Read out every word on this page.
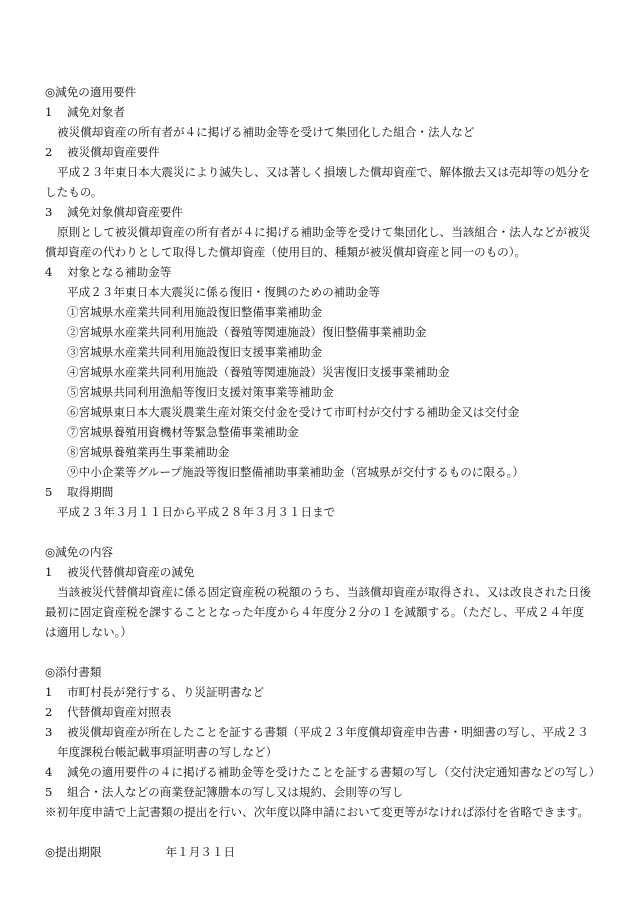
◎減免の適用要件
1 減免対象者
被災償却資産の所有者が４に掲げる補助金等を受けて集団化した組合・法人など
2 被災償却資産要件
平成２３年東日本大震災により滅失し、又は著しく損壊した償却資産で、解体撤去又は売却等の処分を
したもの。
3 減免対象償却資産要件
原則として被災償却資産の所有者が４に掲げる補助金等を受けて集団化し、当該組合・法人などが被災
償却資産の代わりとして取得した償却資産（使用目的、種類が被災償却資産と同一のもの）。
4 対象となる補助金等
平成２３年東日本大震災に係る復旧・復興のための補助金等
①宮城県水産業共同利用施設復旧整備事業補助金
②宮城県水産業共同利用施設（養殖等関連施設）復旧整備事業補助金
③宮城県水産業共同利用施設復旧支援事業補助金
④宮城県水産業共同利用施設（養殖等関連施設）災害復旧支援事業補助金
⑤宮城県共同利用漁船等復旧支援対策事業等補助金
⑥宮城県東日本大震災農業生産対策交付金を受けて市町村が交付する補助金又は交付金
⑦宮城県養殖用資機材等緊急整備事業補助金
⑧宮城県養殖業再生事業補助金
⑨中小企業等グループ施設等復旧整備補助事業補助金（宮城県が交付するものに限る。）
5 取得期間
平成２３年３月１１日から平成２８年３月３１日まで
◎減免の内容
1 被災代替償却資産の減免
当該被災代替償却資産に係る固定資産税の税額のうち、当該償却資産が取得され、又は改良された日後
最初に固定資産税を課することとなった年度から４年度分２分の１を減額する。（ただし、平成２４年度
は適用しない。）
◎添付書類
1 市町村長が発行する、り災証明書など
2 代替償却資産対照表
3 被災償却資産が所在したことを証する書類（平成２３年度償却資産申告書・明細書の写し、平成２３
年度課税台帳記載事項証明書の写しなど）
4 減免の適用要件の４に掲げる補助金等を受けたことを証する書類の写し（交付決定通知書などの写し）
5 組合・法人などの商業登記簿謄本の写し又は規約、会則等の写し
※初年度申請で上記書類の提出を行い、次年度以降申請において変更等がなければ添付を省略できます。
◎提出期限	年１月３１日
